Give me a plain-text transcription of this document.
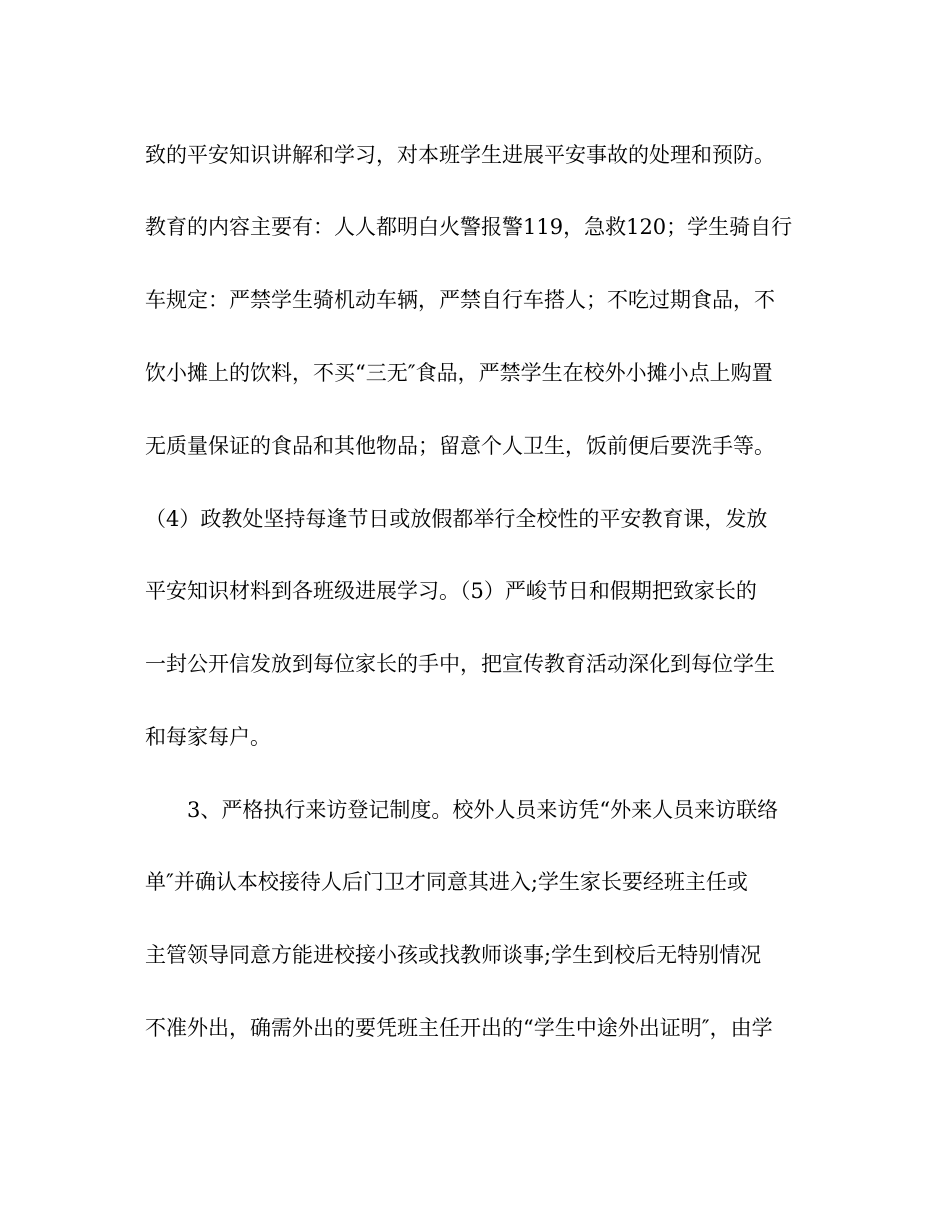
致的平安知识讲解和学习，对本班学生进展平安事故的处理和预防。

教育的内容主要有：人人都明白火警报警119，急救120；学生骑自行

车规定：严禁学生骑机动车辆，严禁自行车搭人；不吃过期食品，不

饮小摊上的饮料，不买“三无″食品，严禁学生在校外小摊小点上购置

无质量保证的食品和其他物品；留意个人卫生，饭前便后要洗手等。

（4）政教处坚持每逢节日或放假都举行全校性的平安教育课，发放

平安知识材料到各班级进展学习。（5）严峻节日和假期把致家长的

一封公开信发放到每位家长的手中，把宣传教育活动深化到每位学生

和每家每户。

　　3、严格执行来访登记制度。校外人员来访凭“外来人员来访联络

单″并确认本校接待人后门卫才同意其进入;学生家长要经班主任或

主管领导同意方能进校接小孩或找教师谈事;学生到校后无特别情况

不准外出，确需外出的要凭班主任开出的“学生中途外出证明″，由学
